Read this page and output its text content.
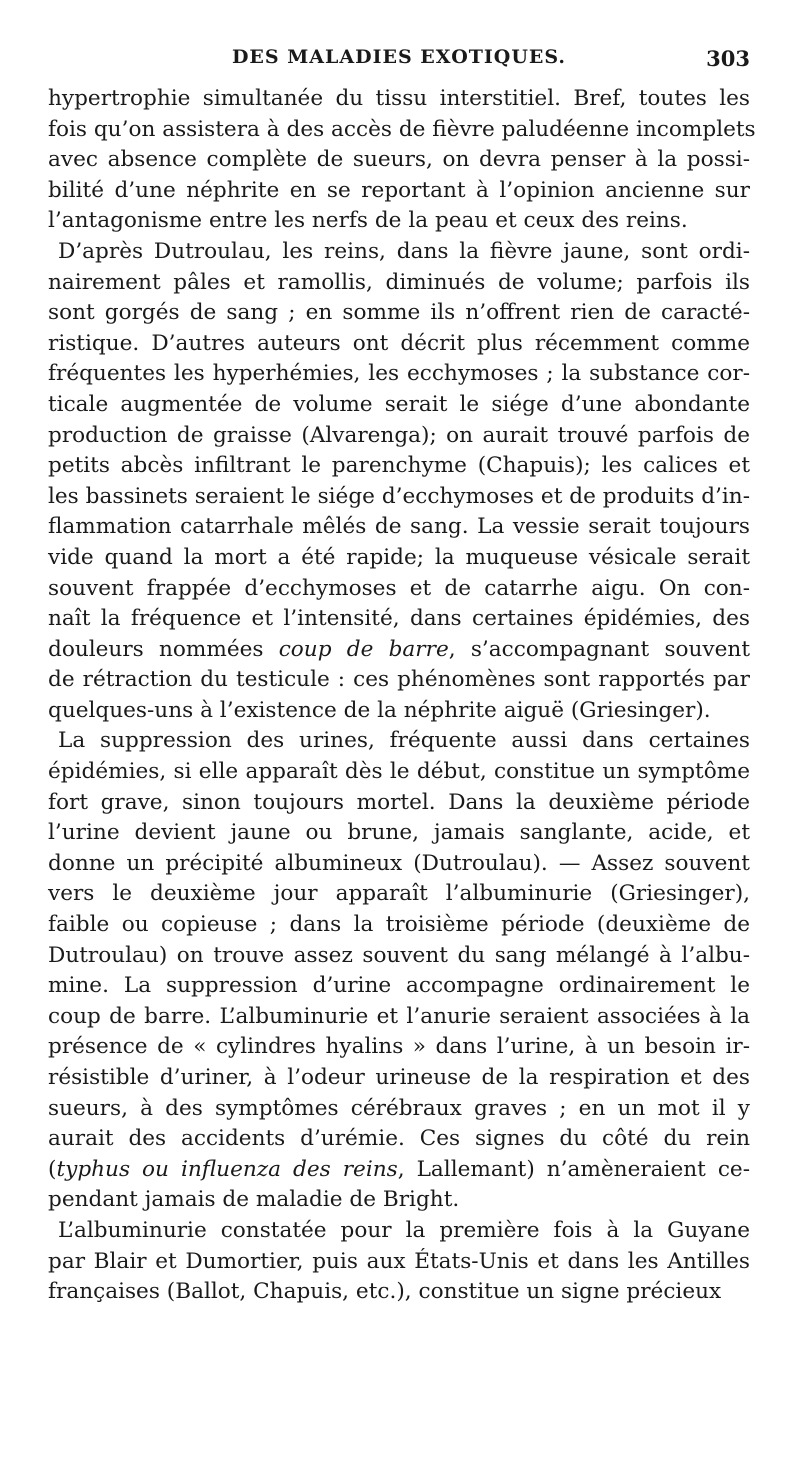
DES MALADIES EXOTIQUES.	303
hypertrophie simultanée du tissu interstitiel. Bref, toutes les
fois qu’on assistera à des accès de fièvre paludéenne incomplets
avec absence complète de sueurs, on devra penser à la possi-
bilité d’une néphrite en se reportant à l’opinion ancienne sur
l’antagonisme entre les nerfs de la peau et ceux des reins.
D’après Dutroulau, les reins, dans la fièvre jaune, sont ordi-
nairement pâles et ramollis, diminués de volume; parfois ils
sont gorgés de sang ; en somme ils n’offrent rien de caracté-
ristique. D’autres auteurs ont décrit plus récemment comme
fréquentes les hyperhémies, les ecchymoses ; la substance cor-
ticale augmentée de volume serait le siége d’une abondante
production de graisse (Alvarenga); on aurait trouvé parfois de
petits abcès infiltrant le parenchyme (Chapuis); les calices et
les bassinets seraient le siége d’ecchymoses et de produits d’in-
flammation catarrhale mêlés de sang. La vessie serait toujours
vide quand la mort a été rapide; la muqueuse vésicale serait
souvent frappée d’ecchymoses et de catarrhe aigu. On con-
naît la fréquence et l’intensité, dans certaines épidémies, des
douleurs nommées coup de barre, s’accompagnant souvent
de rétraction du testicule : ces phénomènes sont rapportés par
quelques-uns à l’existence de la néphrite aiguë (Griesinger).
La suppression des urines, fréquente aussi dans certaines
épidémies, si elle apparaît dès le début, constitue un symptôme
fort grave, sinon toujours mortel. Dans la deuxième période
l’urine devient jaune ou brune, jamais sanglante, acide, et
donne un précipité albumineux (Dutroulau). — Assez souvent
vers le deuxième jour apparaît l’albuminurie (Griesinger),
faible ou copieuse ; dans la troisième période (deuxième de
Dutroulau) on trouve assez souvent du sang mélangé à l’albu-
mine. La suppression d’urine accompagne ordinairement le
coup de barre. L’albuminurie et l’anurie seraient associées à la
présence de « cylindres hyalins » dans l’urine, à un besoin ir-
résistible d’uriner, à l’odeur urineuse de la respiration et des
sueurs, à des symptômes cérébraux graves ; en un mot il y
aurait des accidents d’urémie. Ces signes du côté du rein
(typhus ou influenza des reins, Lallemant) n’amèneraient ce-
pendant jamais de maladie de Bright.
L’albuminurie constatée pour la première fois à la Guyane
par Blair et Dumortier, puis aux États-Unis et dans les Antilles
françaises (Ballot, Chapuis, etc.), constitue un signe précieux
